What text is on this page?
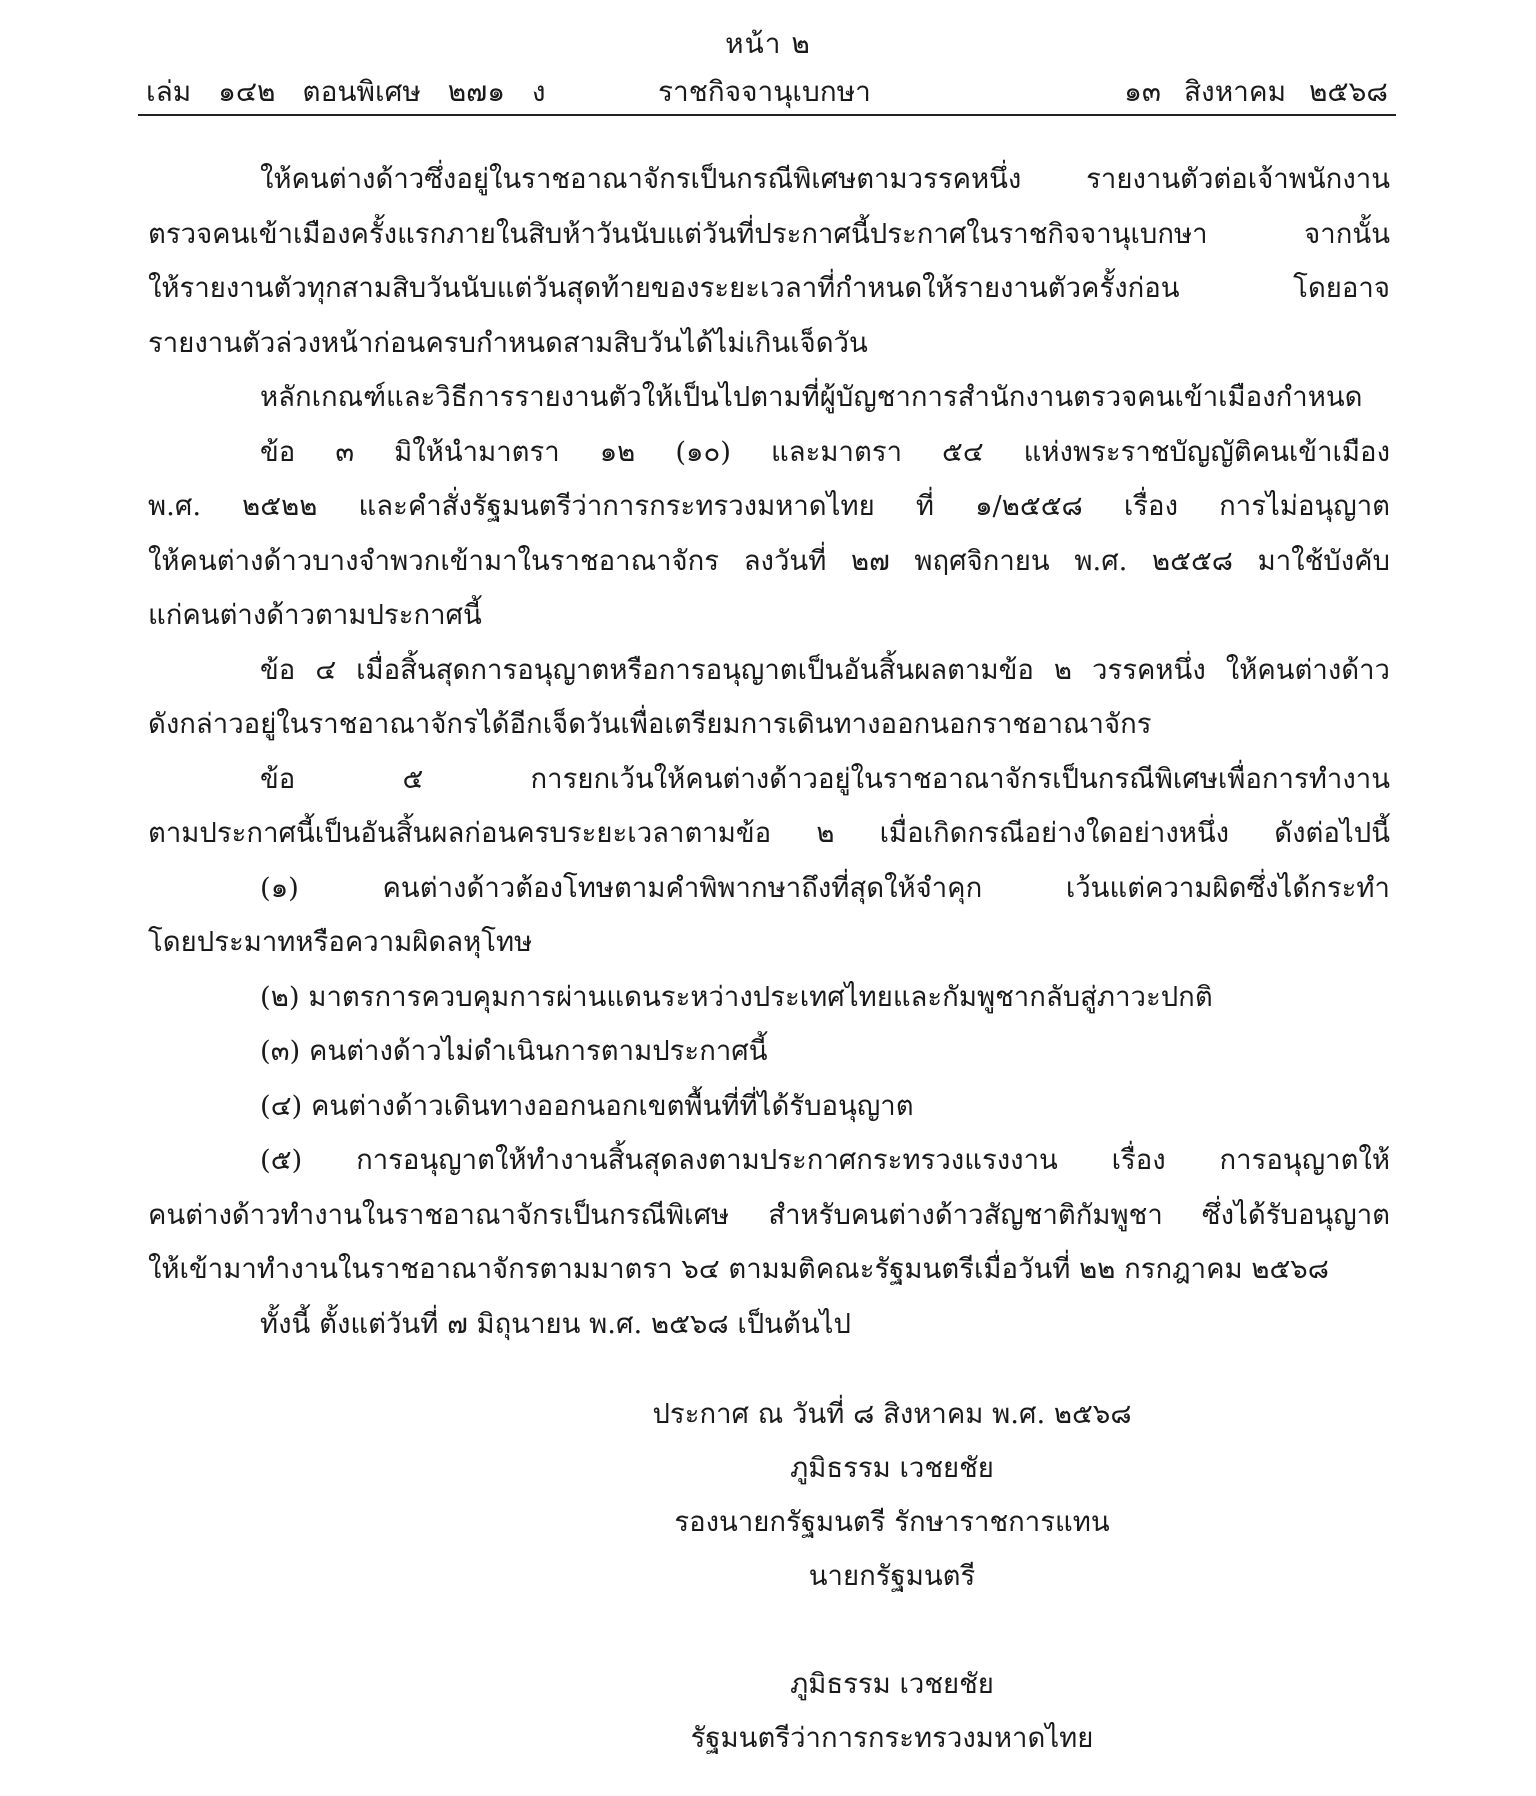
หน้า ๒
เล่ม ๑๔๒ ตอนพิเศษ ๒๗๑ ง	ราชกิจจานุเบกษา	๑๓ สิงหาคม ๒๕๖๘
ให้คนต่างด้าวซึ่งอยู่ในราชอาณาจักรเป็นกรณีพิเศษตามวรรคหนึ่ง รายงานตัวต่อเจ้าพนักงาน
ตรวจคนเข้าเมืองครั้งแรกภายในสิบห้าวันนับแต่วันที่ประกาศนี้ประกาศในราชกิจจานุเบกษา จากนั้น
ให้รายงานตัวทุกสามสิบวันนับแต่วันสุดท้ายของระยะเวลาที่กำหนดให้รายงานตัวครั้งก่อน โดยอาจ
รายงานตัวล่วงหน้าก่อนครบกำหนดสามสิบวันได้ไม่เกินเจ็ดวัน
หลักเกณฑ์และวิธีการรายงานตัวให้เป็นไปตามที่ผู้บัญชาการสำนักงานตรวจคนเข้าเมืองกำหนด
ข้อ ๓ มิให้นำมาตรา ๑๒ (๑๐) และมาตรา ๕๔ แห่งพระราชบัญญัติคนเข้าเมือง
พ.ศ. ๒๕๒๒ และคำสั่งรัฐมนตรีว่าการกระทรวงมหาดไทย ที่ ๑/๒๕๕๘ เรื่อง การไม่อนุญาต
ให้คนต่างด้าวบางจำพวกเข้ามาในราชอาณาจักร ลงวันที่ ๒๗ พฤศจิกายน พ.ศ. ๒๕๕๘ มาใช้บังคับ
แก่คนต่างด้าวตามประกาศนี้
ข้อ ๔ เมื่อสิ้นสุดการอนุญาตหรือการอนุญาตเป็นอันสิ้นผลตามข้อ ๒ วรรคหนึ่ง ให้คนต่างด้าว
ดังกล่าวอยู่ในราชอาณาจักรได้อีกเจ็ดวันเพื่อเตรียมการเดินทางออกนอกราชอาณาจักร
ข้อ ๕ การยกเว้นให้คนต่างด้าวอยู่ในราชอาณาจักรเป็นกรณีพิเศษเพื่อการทำงาน
ตามประกาศนี้เป็นอันสิ้นผลก่อนครบระยะเวลาตามข้อ ๒ เมื่อเกิดกรณีอย่างใดอย่างหนึ่ง ดังต่อไปนี้
(๑) คนต่างด้าวต้องโทษตามคำพิพากษาถึงที่สุดให้จำคุก เว้นแต่ความผิดซึ่งได้กระทำ
โดยประมาทหรือความผิดลหุโทษ
(๒) มาตรการควบคุมการผ่านแดนระหว่างประเทศไทยและกัมพูชากลับสู่ภาวะปกติ
(๓) คนต่างด้าวไม่ดำเนินการตามประกาศนี้
(๔) คนต่างด้าวเดินทางออกนอกเขตพื้นที่ที่ได้รับอนุญาต
(๕) การอนุญาตให้ทำงานสิ้นสุดลงตามประกาศกระทรวงแรงงาน เรื่อง การอนุญาตให้
คนต่างด้าวทำงานในราชอาณาจักรเป็นกรณีพิเศษ สำหรับคนต่างด้าวสัญชาติกัมพูชา ซึ่งได้รับอนุญาต
ให้เข้ามาทำงานในราชอาณาจักรตามมาตรา ๖๔ ตามมติคณะรัฐมนตรีเมื่อวันที่ ๒๒ กรกฎาคม ๒๕๖๘
ทั้งนี้ ตั้งแต่วันที่ ๗ มิถุนายน พ.ศ. ๒๕๖๘ เป็นต้นไป
ประกาศ ณ วันที่ ๘ สิงหาคม พ.ศ. ๒๕๖๘
ภูมิธรรม เวชยชัย
รองนายกรัฐมนตรี รักษาราชการแทน
นายกรัฐมนตรี
ภูมิธรรม เวชยชัย
รัฐมนตรีว่าการกระทรวงมหาดไทย
